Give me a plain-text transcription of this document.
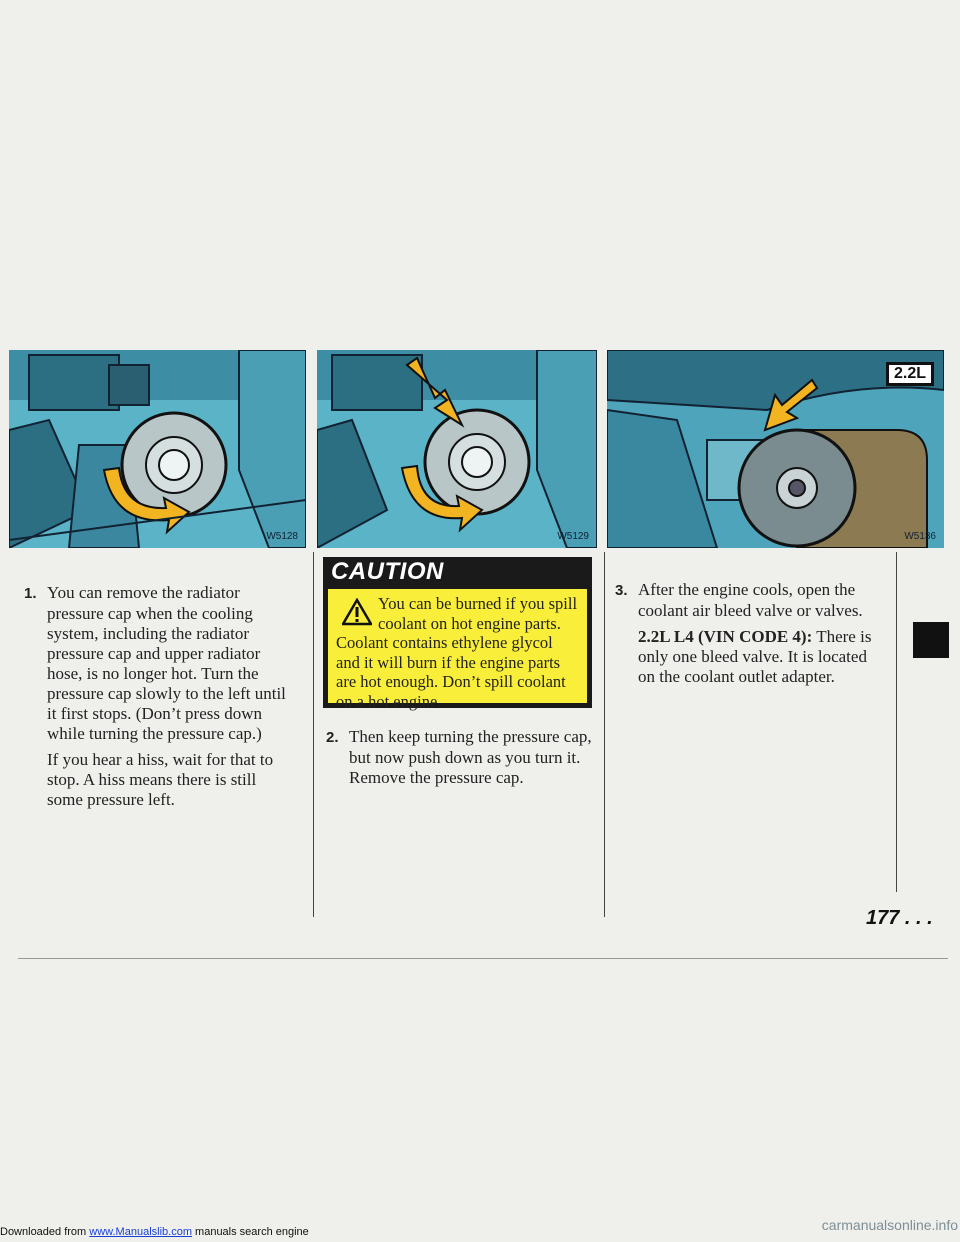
W5128	W5129
2.2L
W5136

1. You can remove the radiator pressure cap when the cooling system, including the radiator pressure cap and upper radiator hose, is no longer hot. Turn the pressure cap slowly to the left until it first stops. (Don’t press down while turning the pressure cap.)

If you hear a hiss, wait for that to stop. A hiss means there is still some pressure left.

CAUTION
You can be burned if you spill coolant on hot engine parts. Coolant contains ethylene glycol and it will burn if the engine parts are hot enough. Don’t spill coolant on a hot engine.

2. Then keep turning the pressure cap, but now push down as you turn it. Remove the pressure cap.

3. After the engine cools, open the coolant air bleed valve or valves.

2.2L L4 (VIN CODE 4): There is only one bleed valve. It is located on the coolant outlet adapter.

177 . . .
Downloaded from www.Manualslib.com manuals search engine	carmanualsonline.info
